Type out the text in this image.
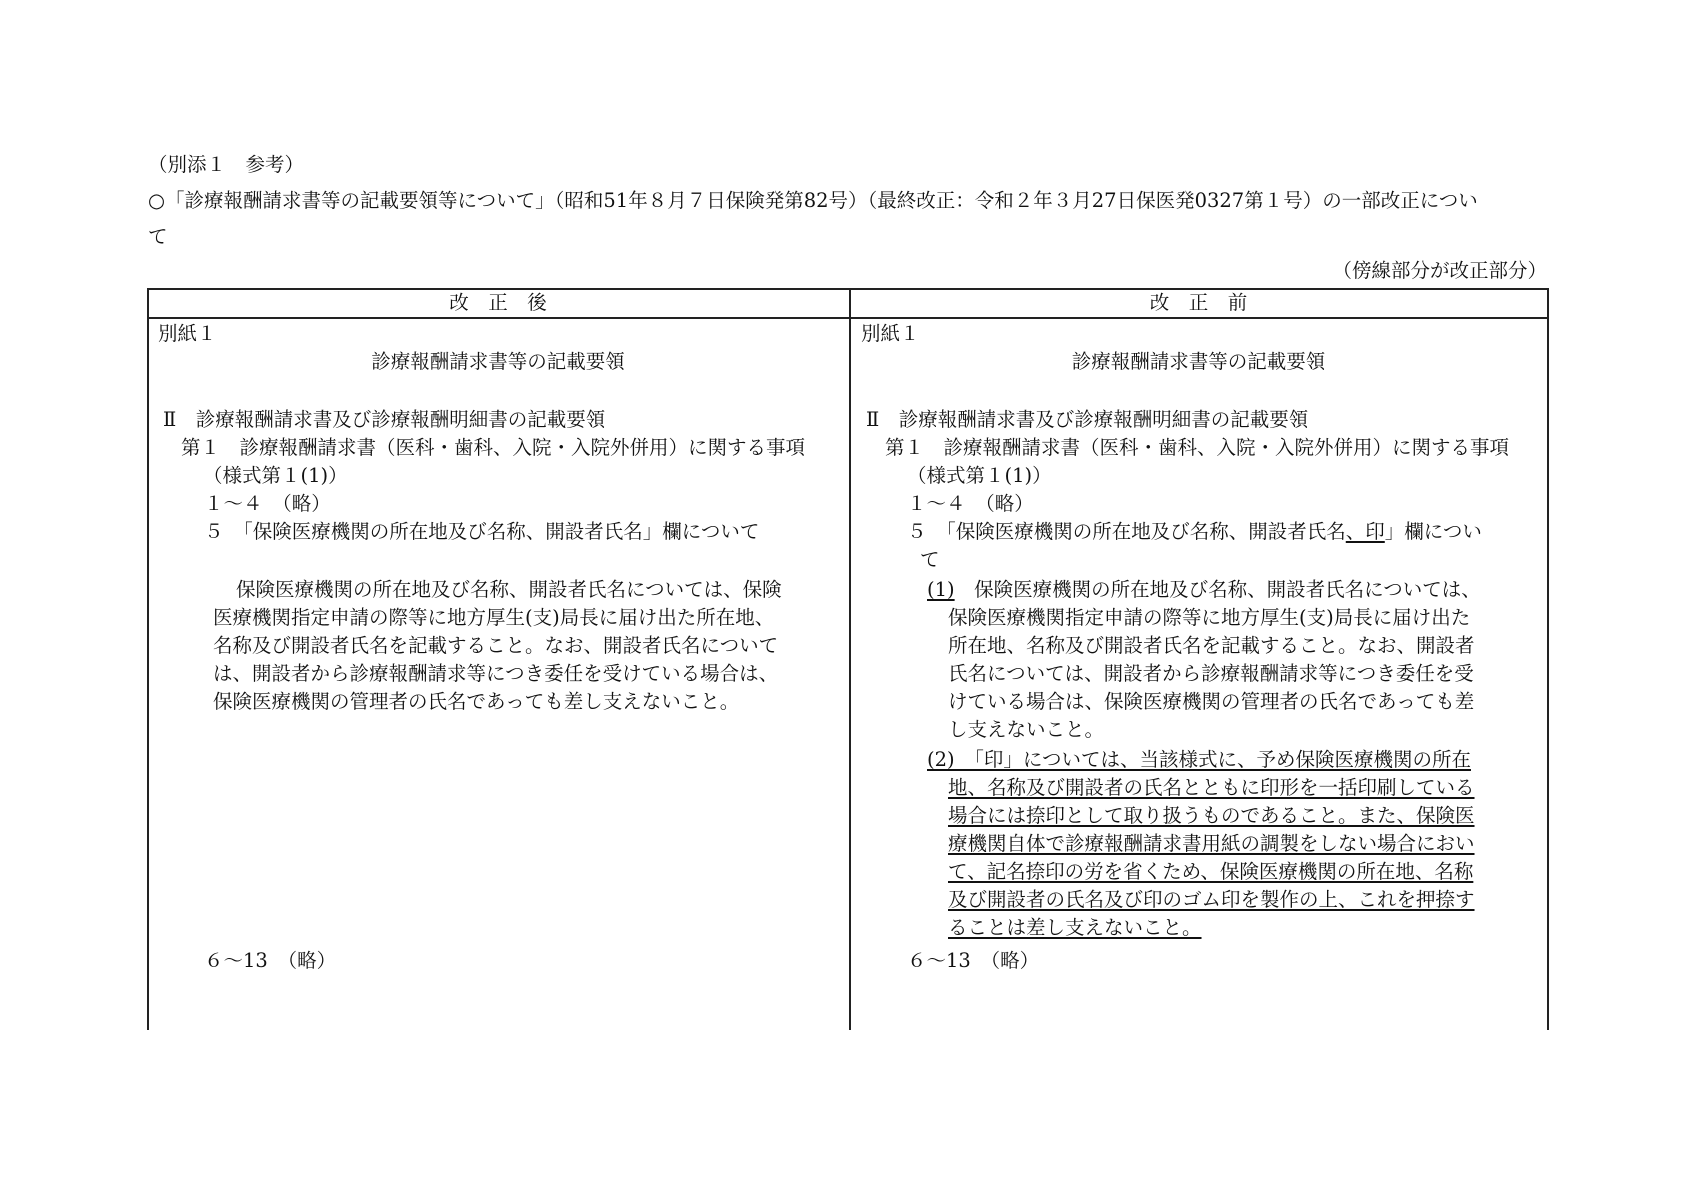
（別添１　参考）
○「診療報酬請求書等の記載要領等について」（昭和51年８月７日保険発第82号）（最終改正：令和２年３月27日保医発0327第１号）の一部改正につい
て
（傍線部分が改正部分）
改　正　後	改　正　前
別紙１
診療報酬請求書等の記載要領
Ⅱ　診療報酬請求書及び診療報酬明細書の記載要領
第１　診療報酬請求書（医科・歯科、入院・入院外併用）に関する事項
（様式第１(1)）
１～４　（略）
５　「保険医療機関の所在地及び名称、開設者氏名」欄について
保険医療機関の所在地及び名称、開設者氏名については、保険
医療機関指定申請の際等に地方厚生(支)局長に届け出た所在地、
名称及び開設者氏名を記載すること。なお、開設者氏名について
は、開設者から診療報酬請求等につき委任を受けている場合は、
保険医療機関の管理者の氏名であっても差し支えないこと。
６～13　（略）
別紙１
診療報酬請求書等の記載要領
Ⅱ　診療報酬請求書及び診療報酬明細書の記載要領
第１　診療報酬請求書（医科・歯科、入院・入院外併用）に関する事項
（様式第１(1)）
１～４　（略）
５　「保険医療機関の所在地及び名称、開設者氏名、印」欄につい
て
(1)　 保険医療機関の所在地及び名称、開設者氏名については、
保険医療機関指定申請の際等に地方厚生(支)局長に届け出た
所在地、名称及び開設者氏名を記載すること。なお、開設者
氏名については、開設者から診療報酬請求等につき委任を受
けている場合は、保険医療機関の管理者の氏名であっても差
し支えないこと。
(2)　「印」については、当該様式に、予め保険医療機関の所在
地、名称及び開設者の氏名とともに印形を一括印刷している
場合には捺印として取り扱うものであること。また、保険医
療機関自体で診療報酬請求書用紙の調製をしない場合におい
て、記名捺印の労を省くため、保険医療機関の所在地、名称
及び開設者の氏名及び印のゴム印を製作の上、これを押捺す
ることは差し支えないこと。
６～13　（略）
